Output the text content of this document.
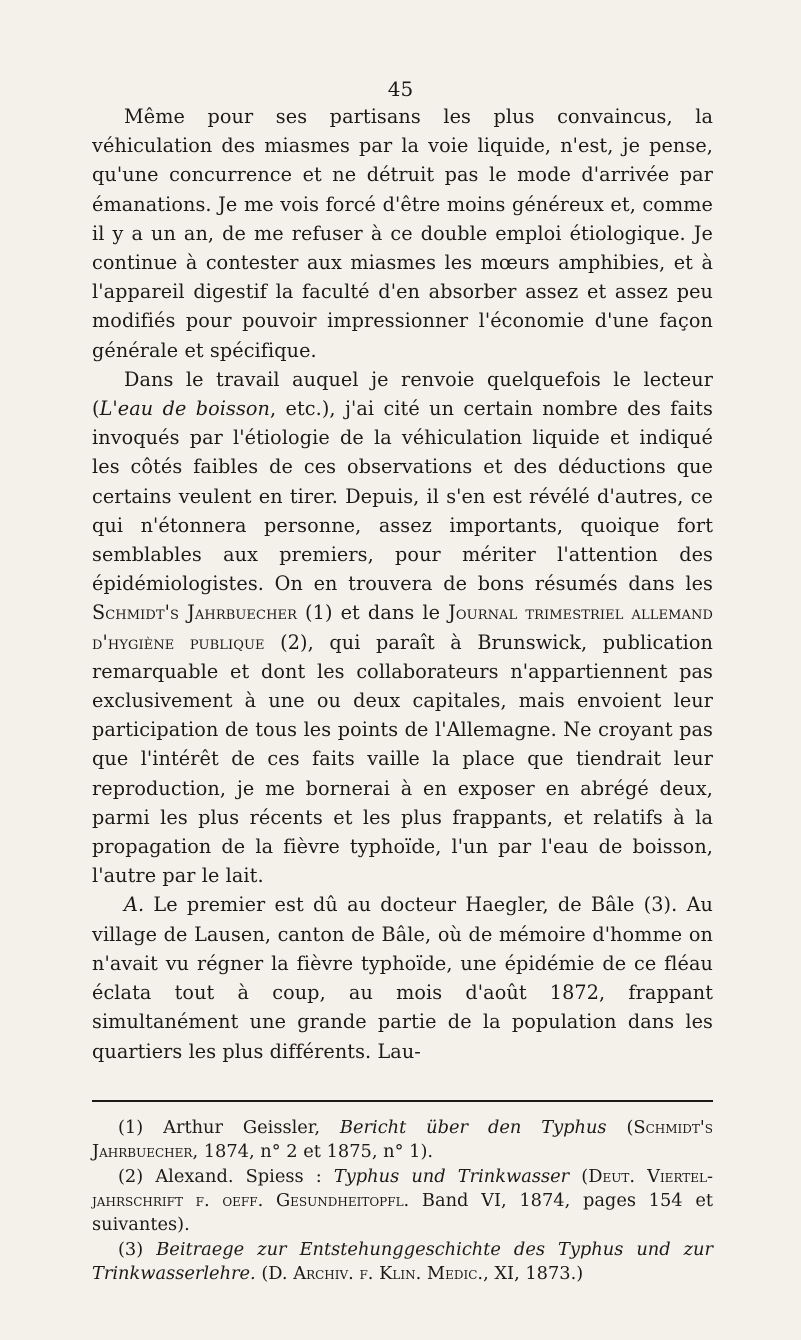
45

Même pour ses partisans les plus convaincus, la véhiculation des miasmes par la voie liquide, n'est, je pense, qu'une concurrence et ne détruit pas le mode d'arrivée par émanations. Je me vois forcé d'être moins généreux et, comme il y a un an, de me refuser à ce double emploi étiologique. Je continue à contester aux miasmes les mœurs amphibies, et à l'appareil digestif la faculté d'en absorber assez et assez peu modifiés pour pouvoir impressionner l'économie d'une façon générale et spécifique.

Dans le travail auquel je renvoie quelquefois le lecteur (L'eau de boisson, etc.), j'ai cité un certain nombre des faits invoqués par l'étiologie de la véhiculation liquide et indiqué les côtés faibles de ces observations et des déductions que certains veulent en tirer. Depuis, il s'en est révélé d'autres, ce qui n'étonnera personne, assez importants, quoique fort semblables aux premiers, pour mériter l'attention des épidémiologistes. On en trouvera de bons résumés dans les Schmidt's Jahrbuecher (1) et dans le Journal trimestriel allemand d'hygiène publique (2), qui paraît à Brunswick, publication remarquable et dont les collaborateurs n'appartiennent pas exclusivement à une ou deux capitales, mais envoient leur participation de tous les points de l'Allemagne. Ne croyant pas que l'intérêt de ces faits vaille la place que tiendrait leur reproduction, je me bornerai à en exposer en abrégé deux, parmi les plus récents et les plus frappants, et relatifs à la propagation de la fièvre typhoïde, l'un par l'eau de boisson, l'autre par le lait.

A. Le premier est dû au docteur Haegler, de Bâle (3). Au village de Lausen, canton de Bâle, où de mémoire d'homme on n'avait vu régner la fièvre typhoïde, une épidémie de ce fléau éclata tout à coup, au mois d'août 1872, frappant simultanément une grande partie de la population dans les quartiers les plus différents. Lau-

(1) Arthur Geissler, Bericht über den Typhus (Schmidt's Jahrbuecher, 1874, n° 2 et 1875, n° 1).

(2) Alexand. Spiess : Typhus und Trinkwasser (Deut. Viertel-jahrschrift f. oeff. Gesundheitopfl. Band VI, 1874, pages 154 et suivantes).

(3) Beitraege zur Entstehunggeschichte des Typhus und zur Trinkwasserlehre. (D. Archiv. f. Klin. Medic., XI, 1873.)
